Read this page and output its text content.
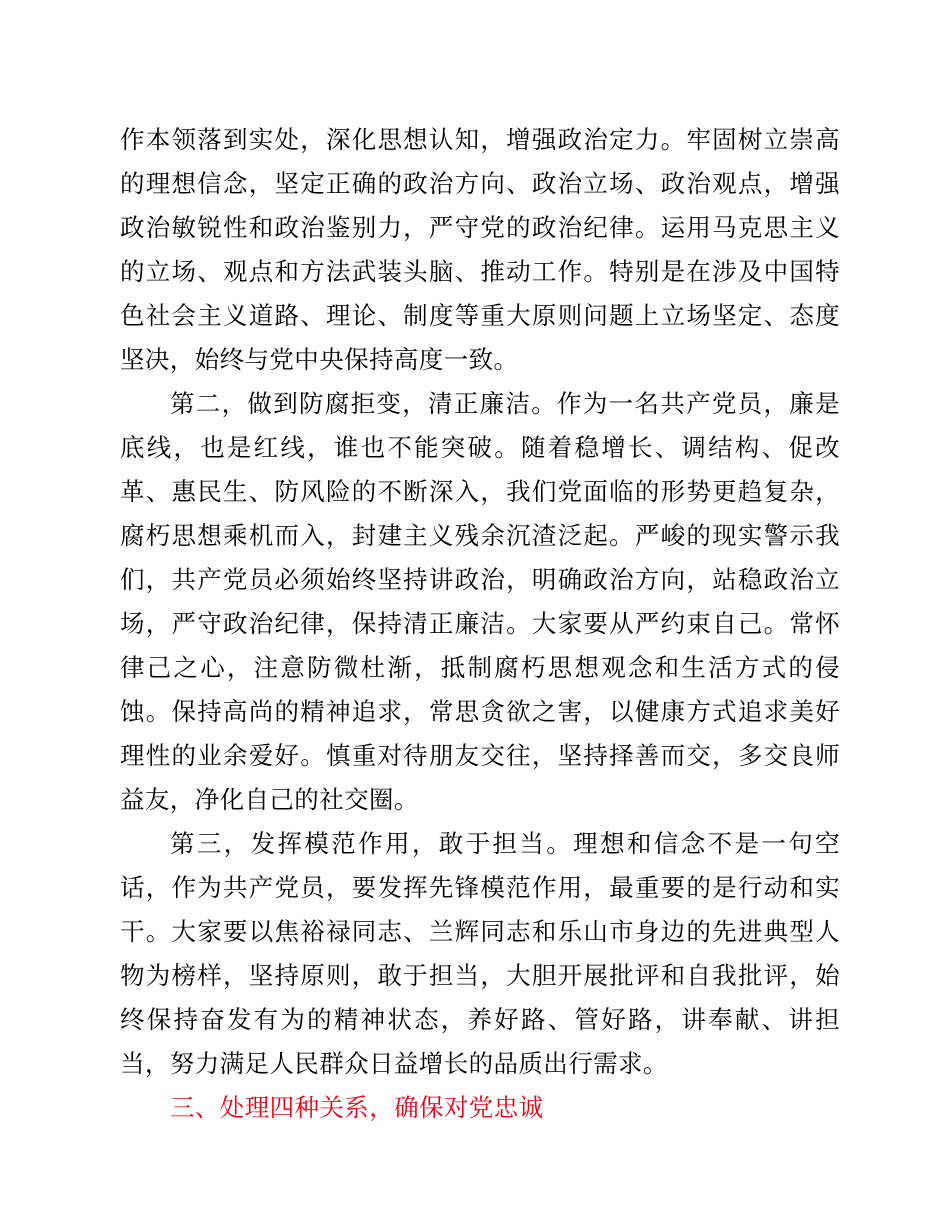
作本领落到实处，深化思想认知，增强政治定力。牢固树立崇高的理想信念，坚定正确的政治方向、政治立场、政治观点，增强政治敏锐性和政治鉴别力，严守党的政治纪律。运用马克思主义的立场、观点和方法武装头脑、推动工作。特别是在涉及中国特色社会主义道路、理论、制度等重大原则问题上立场坚定、态度坚决，始终与党中央保持高度一致。

第二，做到防腐拒变，清正廉洁。作为一名共产党员，廉是底线，也是红线，谁也不能突破。随着稳增长、调结构、促改革、惠民生、防风险的不断深入，我们党面临的形势更趋复杂，腐朽思想乘机而入，封建主义残余沉渣泛起。严峻的现实警示我们，共产党员必须始终坚持讲政治，明确政治方向，站稳政治立场，严守政治纪律，保持清正廉洁。大家要从严约束自己。常怀律己之心，注意防微杜渐，抵制腐朽思想观念和生活方式的侵蚀。保持高尚的精神追求，常思贪欲之害，以健康方式追求美好理性的业余爱好。慎重对待朋友交往，坚持择善而交，多交良师益友，净化自己的社交圈。

第三，发挥模范作用，敢于担当。理想和信念不是一句空话，作为共产党员，要发挥先锋模范作用，最重要的是行动和实干。大家要以焦裕禄同志、兰辉同志和乐山市身边的先进典型人物为榜样，坚持原则，敢于担当，大胆开展批评和自我批评，始终保持奋发有为的精神状态，养好路、管好路，讲奉献、讲担当，努力满足人民群众日益增长的品质出行需求。

三、处理四种关系，确保对党忠诚
